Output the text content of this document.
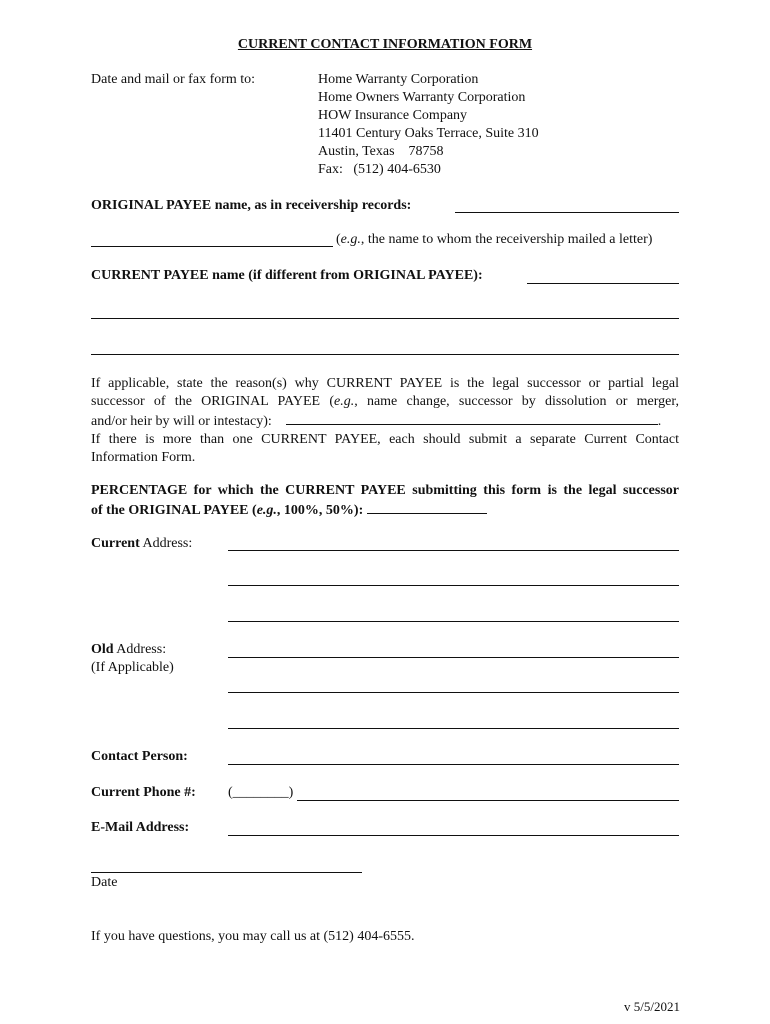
CURRENT CONTACT INFORMATION FORM
Date and mail or fax form to:	Home Warranty Corporation
Home Owners Warranty Corporation
HOW Insurance Company
11401 Century Oaks Terrace, Suite 310
Austin, Texas    78758
Fax:   (512) 404-6530
ORIGINAL PAYEE name, as in receivership records:
(e.g., the name to whom the receivership mailed a letter)
CURRENT PAYEE name (if different from ORIGINAL PAYEE):
If applicable, state the reason(s) why CURRENT PAYEE is the legal successor or partial legal
successor of the ORIGINAL PAYEE (e.g., name change, successor by dissolution or merger,
and/or heir by will or intestacy):	.
If there is more than one CURRENT PAYEE, each should submit a separate Current Contact
Information Form.
PERCENTAGE for which the CURRENT PAYEE submitting this form is the legal successor
of the ORIGINAL PAYEE (e.g., 100%, 50%):
Current Address:
Old Address:
(If Applicable)
Contact Person:
Current Phone #: (________)
E-Mail Address:
Date
If you have questions, you may call us at (512) 404-6555.
v 5/5/2021
